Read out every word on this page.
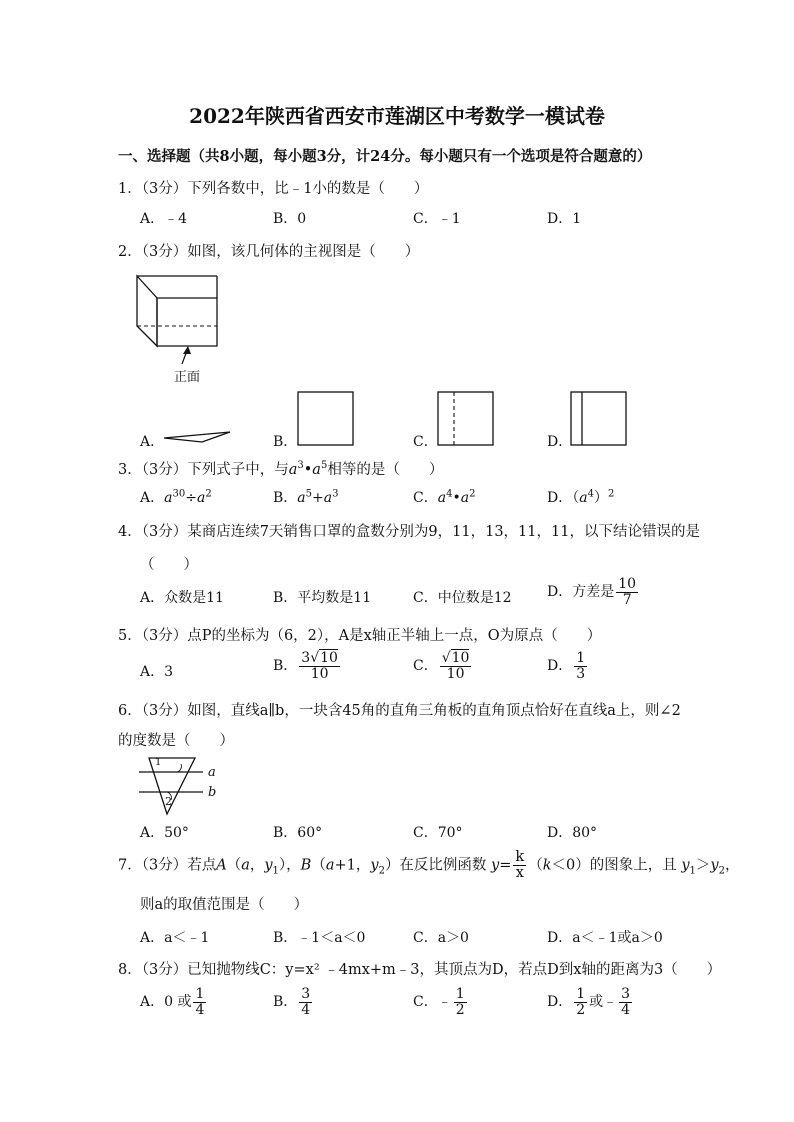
2022年陕西省西安市莲湖区中考数学一模试卷
一、选择题（共8小题，每小题3分，计24分。每小题只有一个选项是符合题意的）
1．（3分）下列各数中，比﹣1小的数是（　　）
A．﹣4	B．0	C．﹣1	D．1
2．（3分）如图，该几何体的主视图是（　　）
正面
A．	B．	C．	D．
3．（3分）下列式子中，与$a^3•a^5$相等的是（　　）
A．$a^{30}\div a^2$	B．$a^5+a^3$	C．$a^4•a^2$	D．$(a^4)^2$
4．（3分）某商店连续7天销售口罩的盒数分别为9，11，13，11，11，以下结论错误的是
（　　）
A．众数是11	B．平均数是11	C．中位数是12	D．方差是 $\frac{10}{7}$
5．（3分）点P的坐标为（6，2），A是x轴正半轴上一点，O为原点（　　）
A．3	B． $\frac{3√10}{10}$	C． $\frac{√10}{10}$	D． $\frac{1}{3}$
6．（3分）如图，直线a∥b，一块含45角的直角三角板的直角顶点恰好在直线a上，则∠2
的度数是（　　）
1
2
a
b
A．50°	B．60°	C．70°	D．80°
7．（3分）若点A（a，$y_1$），B（a+1，$y_2$）在反比例函数 $y= \frac{k}{x} (k<0)$的图象上，且 $y_1>y_2$，
则a的取值范围是（　　）
A．a＜﹣1	B．﹣1＜a＜0	C．a＞0	D．a＜﹣1或a＞0
8．（3分）已知抛物线C：y=x² ﹣4mx+m﹣3，其顶点为D，若点D到x轴的距离为3（　　）
A．0 或 $\frac{1}{4}$	B． $\frac{3}{4}$	C．﹣ $\frac{1}{2}$	D． $\frac{1}{2}$ 或﹣ $\frac{3}{4}$
